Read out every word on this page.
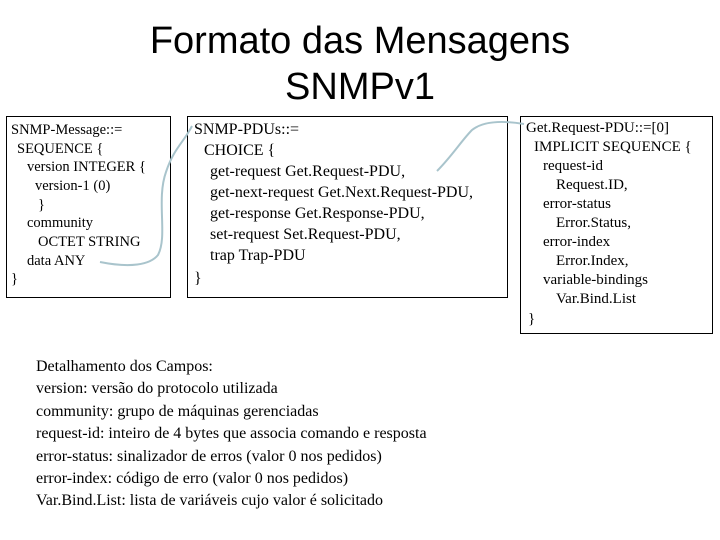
Formato das Mensagens
SNMPv1
SNMP-Message::=
SEQUENCE {
version INTEGER {
version-1 (0)
}
community
OCTET STRING
data ANY
}
SNMP-PDUs::=
CHOICE {
get-request Get.Request-PDU,
get-next-request Get.Next.Request-PDU,
get-response Get.Response-PDU,
set-request Set.Request-PDU,
trap Trap-PDU
}
Get.Request-PDU::=[0]
IMPLICIT SEQUENCE {
request-id
Request.ID,
error-status
Error.Status,
error-index
Error.Index,
variable-bindings
Var.Bind.List
}
Detalhamento dos Campos:
version: versão do protocolo utilizada
community: grupo de máquinas gerenciadas
request-id: inteiro de 4 bytes que associa comando e resposta
error-status: sinalizador de erros (valor 0 nos pedidos)
error-index: código de erro (valor 0 nos pedidos)
Var.Bind.List: lista de variáveis cujo valor é solicitado
